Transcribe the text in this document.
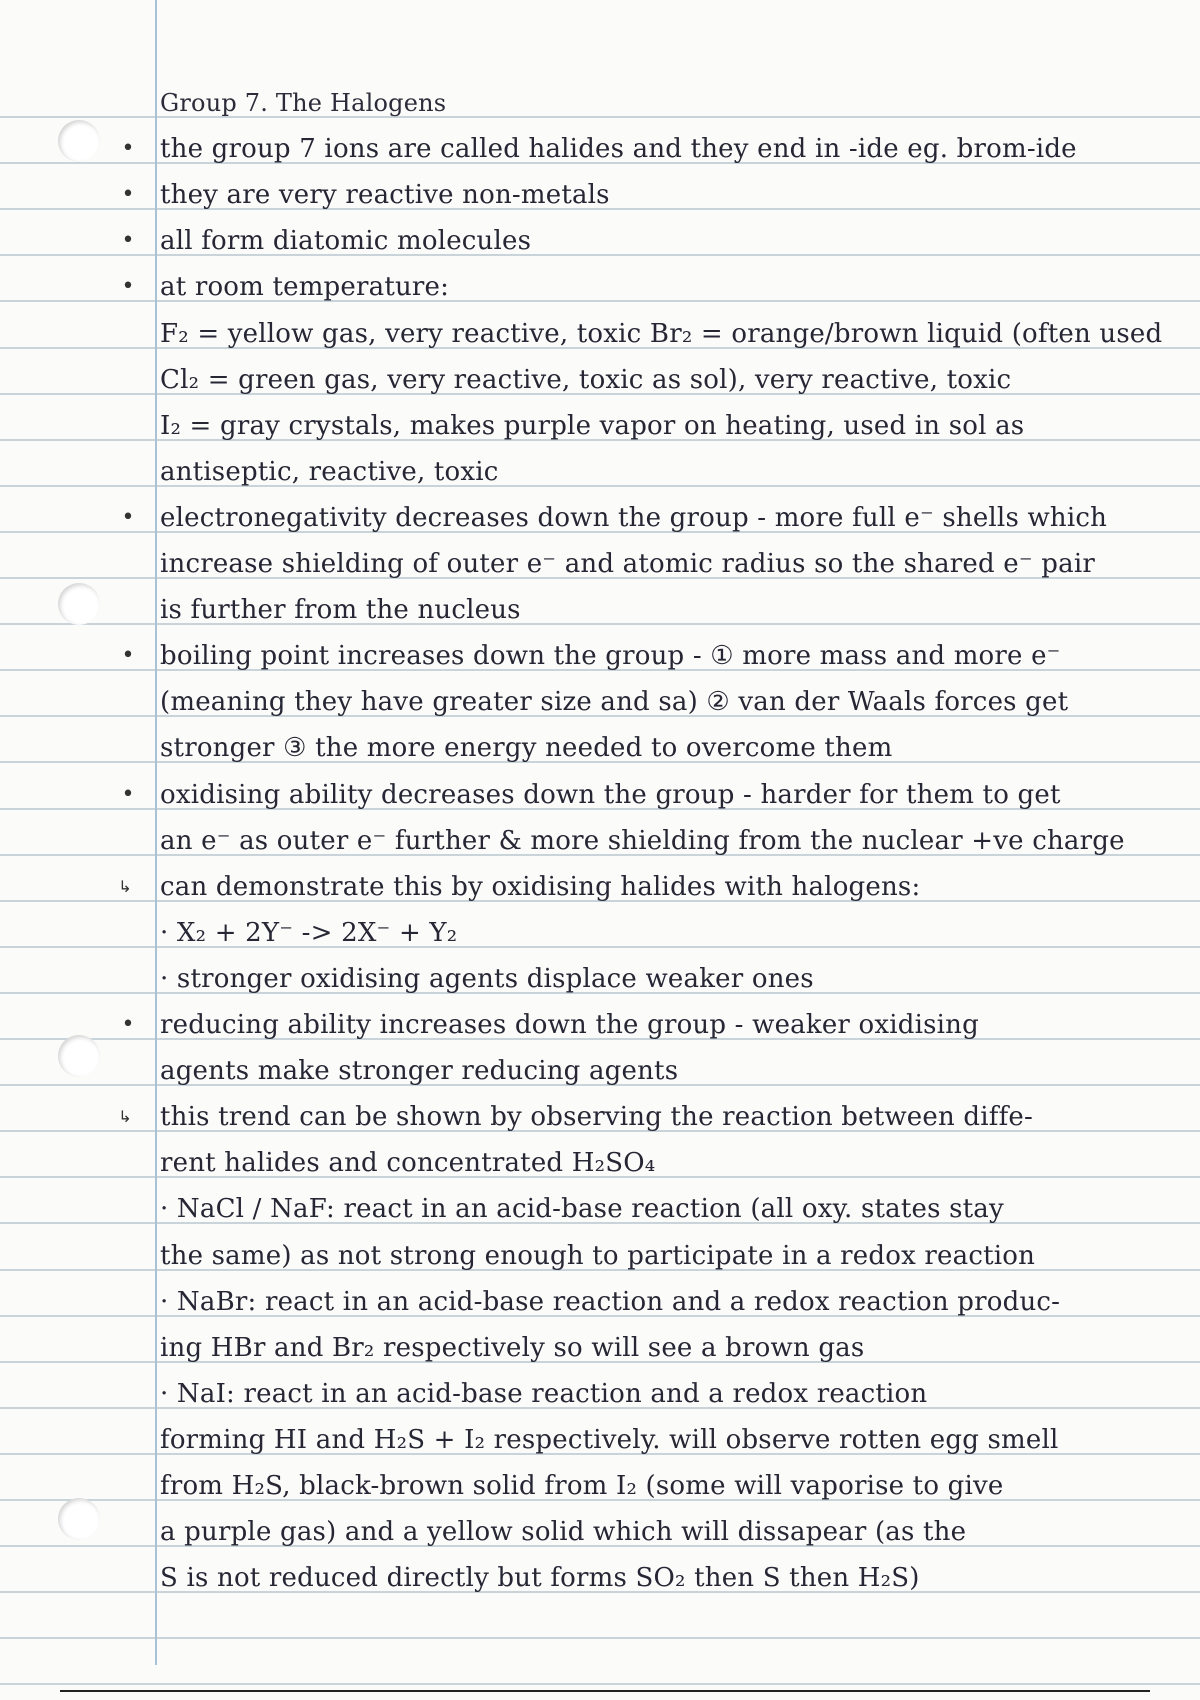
Group 7. The Halogens
• the group 7 ions are called halides and they end in -ide eg. brom-ide
• they are very reactive non-metals
• all form diatomic molecules
• at room temperature:
F₂ = yellow gas, very reactive, toxic Br₂ = orange/brown liquid (often used
Cl₂ = green gas, very reactive, toxic as sol), very reactive, toxic
I₂ = gray crystals, makes purple vapor on heating, used in sol as
antiseptic, reactive, toxic
• electronegativity decreases down the group - more full e⁻ shells which
increase shielding of outer e⁻ and atomic radius so the shared e⁻ pair
is further from the nucleus
• boiling point increases down the group - ① more mass and more e⁻
(meaning they have greater size and sa) ② van der Waals forces get
stronger ③ the more energy needed to overcome them
• oxidising ability decreases down the group - harder for them to get
an e⁻ as outer e⁻ further & more shielding from the nuclear +ve charge
↳ can demonstrate this by oxidising halides with halogens:
· X₂ + 2Y⁻ -> 2X⁻ + Y₂
· stronger oxidising agents displace weaker ones
• reducing ability increases down the group - weaker oxidising
agents make stronger reducing agents
↳ this trend can be shown by observing the reaction between diffe-
rent halides and concentrated H₂SO₄
· NaCl / NaF: react in an acid-base reaction (all oxy. states stay
the same) as not strong enough to participate in a redox reaction
· NaBr: react in an acid-base reaction and a redox reaction produc-
ing HBr and Br₂ respectively so will see a brown gas
· NaI: react in an acid-base reaction and a redox reaction
forming HI and H₂S + I₂ respectively. will observe rotten egg smell
from H₂S, black-brown solid from I₂ (some will vaporise to give
a purple gas) and a yellow solid which will dissapear (as the
S is not reduced directly but forms SO₂ then S then H₂S)
